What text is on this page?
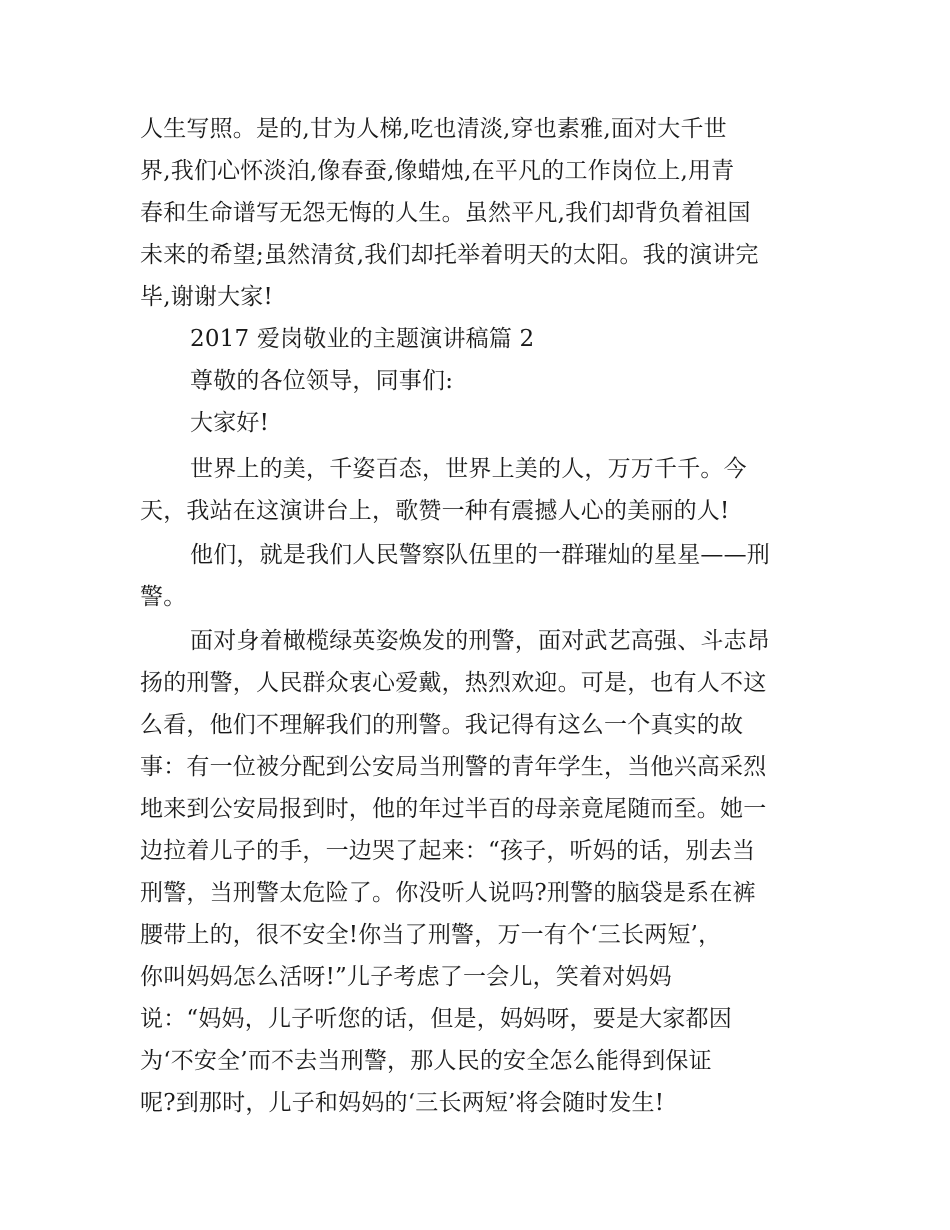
人生写照。是的,甘为人梯,吃也清淡,穿也素雅,面对大千世
界,我们心怀淡泊,像春蚕,像蜡烛,在平凡的工作岗位上,用青
春和生命谱写无怨无悔的人生。虽然平凡,我们却背负着祖国
未来的希望;虽然清贫,我们却托举着明天的太阳。我的演讲完
毕,谢谢大家!
2017 爱岗敬业的主题演讲稿篇 2
尊敬的各位领导，同事们:
大家好!
世界上的美，千姿百态，世界上美的人，万万千千。今
天，我站在这演讲台上，歌赞一种有震撼人心的美丽的人!
他们，就是我们人民警察队伍里的一群璀灿的星星——刑
警。
面对身着橄榄绿英姿焕发的刑警，面对武艺高强、斗志昂
扬的刑警，人民群众衷心爱戴，热烈欢迎。可是，也有人不这
么看，他们不理解我们的刑警。我记得有这么一个真实的故
事：有一位被分配到公安局当刑警的青年学生，当他兴高采烈
地来到公安局报到时，他的年过半百的母亲竟尾随而至。她一
边拉着儿子的手，一边哭了起来：“孩子，听妈的话，别去当
刑警，当刑警太危险了。你没听人说吗?刑警的脑袋是系在裤
腰带上的，很不安全!你当了刑警，万一有个‘三长两短’，
你叫妈妈怎么活呀!”儿子考虑了一会儿，笑着对妈妈
说：“妈妈，儿子听您的话，但是，妈妈呀，要是大家都因
为‘不安全’而不去当刑警，那人民的安全怎么能得到保证
呢?到那时，儿子和妈妈的‘三长两短’将会随时发生!
